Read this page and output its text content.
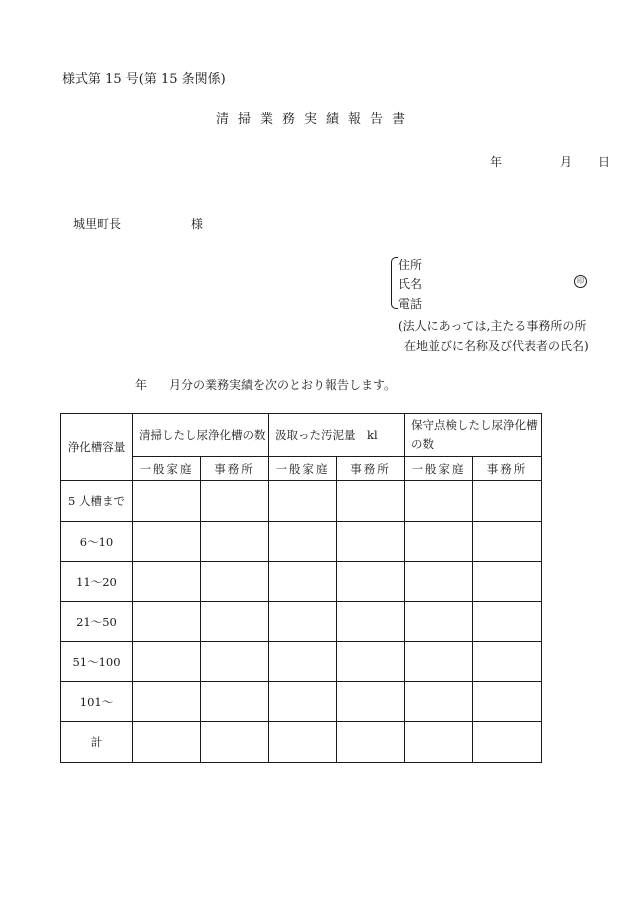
様式第 15 号(第 15 条関係)
清掃業務実績報告書
年	月 日
城里町長	様
住所
氏名	印
電話
(法人にあっては,主たる事務所の所
在地並びに名称及び代表者の氏名)
年 月分の業務実績を次のとおり報告します。
浄化槽容量	清掃したし尿浄化槽の数		汲取った汚泥量　kl		保守点検したし尿浄化槽の数	
	一般家庭	事務所	一般家庭	事務所	一般家庭	事務所
5 人槽まで						
6～10						
11～20						
21～50						
51～100						
101～						
計						
